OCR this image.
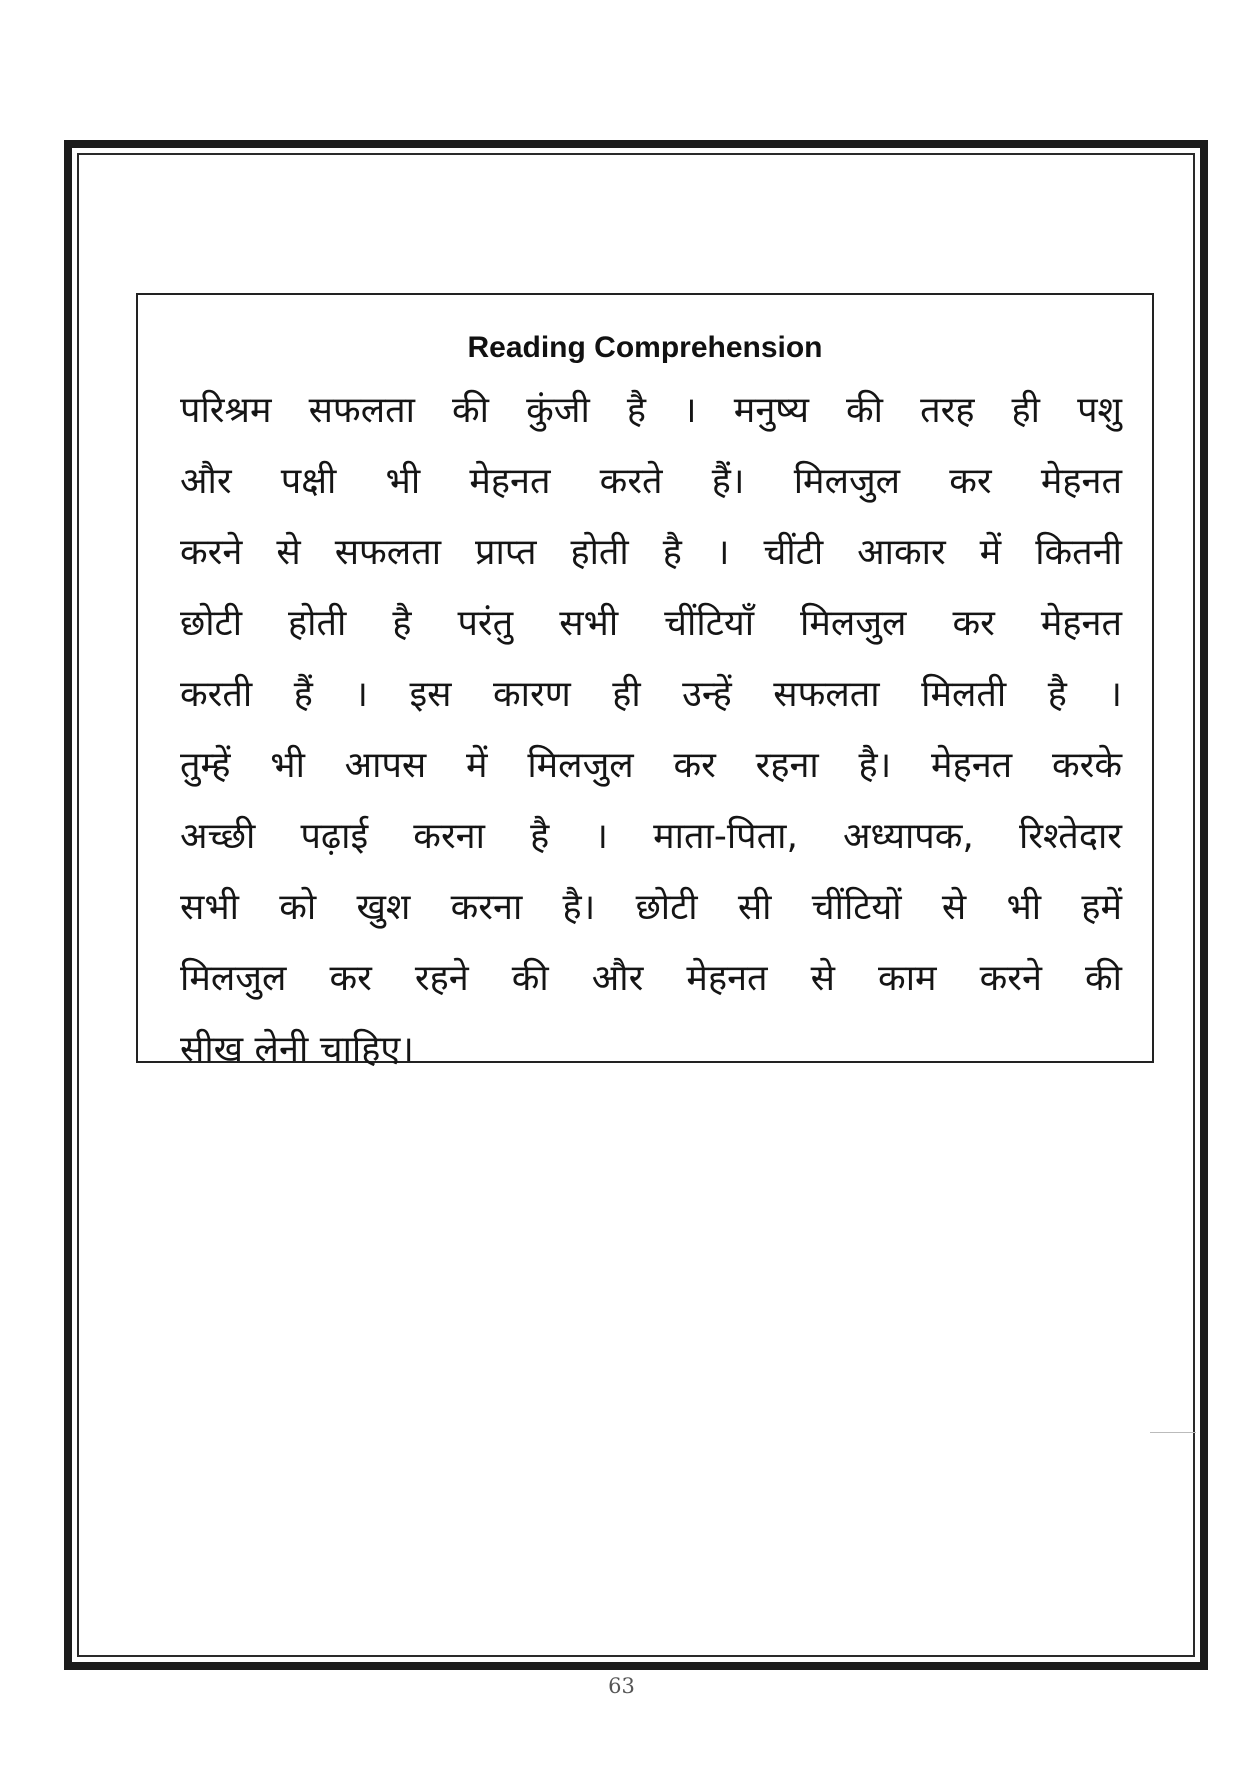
Reading Comprehension
परिश्रम सफलता की कुंजी है । मनुष्य की तरह ही पशु
और पक्षी भी मेहनत करते हैं। मिलजुल कर मेहनत
करने से सफलता प्राप्त होती है । चींटी आकार में कितनी
छोटी होती है परंतु सभी चींटियाँ मिलजुल कर मेहनत
करती हैं । इस कारण ही उन्हें सफलता मिलती है ।
तुम्हें भी आपस में मिलजुल कर रहना है। मेहनत करके
अच्छी पढ़ाई करना है । माता-पिता, अध्यापक, रिश्तेदार
सभी को खुश करना है। छोटी सी चींटियों से भी हमें
मिलजुल कर रहने की और मेहनत से काम करने की
सीख लेनी चाहिए।
63
